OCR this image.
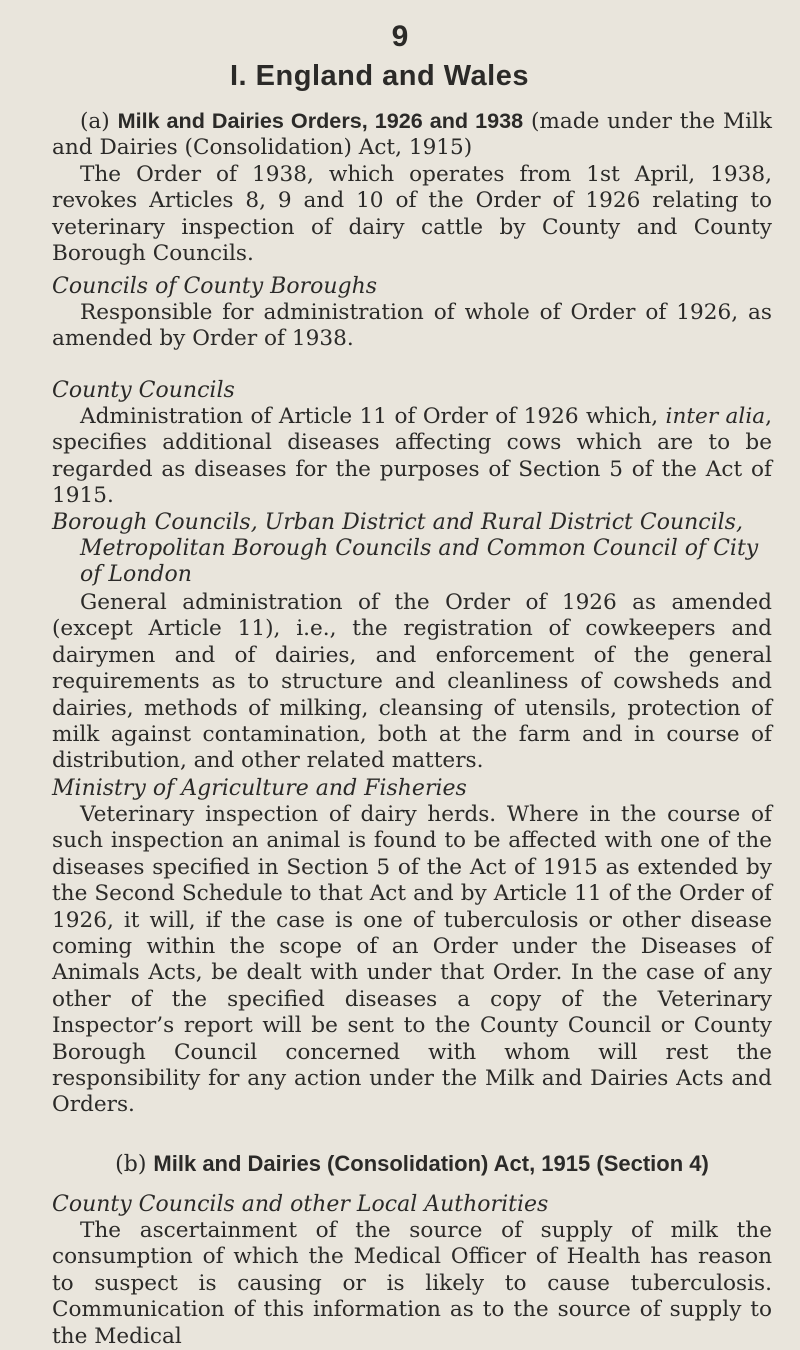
9
I. England and Wales

(a) Milk and Dairies Orders, 1926 and 1938 (made under the Milk and Dairies (Consolidation) Act, 1915)

The Order of 1938, which operates from 1st April, 1938, revokes Articles 8, 9 and 10 of the Order of 1926 relating to veterinary inspection of dairy cattle by County and County Borough Councils.

Councils of County Boroughs

Responsible for administration of whole of Order of 1926, as amended by Order of 1938.

County Councils

Administration of Article 11 of Order of 1926 which, inter alia, specifies additional diseases affecting cows which are to be regarded as diseases for the purposes of Section 5 of the Act of 1915.

Borough Councils, Urban District and Rural District Councils, Metropolitan Borough Councils and Common Council of City of London

General administration of the Order of 1926 as amended (except Article 11), i.e., the registration of cowkeepers and dairymen and of dairies, and enforcement of the general requirements as to structure and cleanliness of cowsheds and dairies, methods of milking, cleansing of utensils, protection of milk against contamination, both at the farm and in course of distribution, and other related matters.

Ministry of Agriculture and Fisheries

Veterinary inspection of dairy herds. Where in the course of such inspection an animal is found to be affected with one of the diseases specified in Section 5 of the Act of 1915 as extended by the Second Schedule to that Act and by Article 11 of the Order of 1926, it will, if the case is one of tuberculosis or other disease coming within the scope of an Order under the Diseases of Animals Acts, be dealt with under that Order. In the case of any other of the specified diseases a copy of the Veterinary Inspector’s report will be sent to the County Council or County Borough Council concerned with whom will rest the responsibility for any action under the Milk and Dairies Acts and Orders.

(b) Milk and Dairies (Consolidation) Act, 1915 (Section 4)

County Councils and other Local Authorities

The ascertainment of the source of supply of milk the consumption of which the Medical Officer of Health has reason to suspect is causing or is likely to cause tuberculosis. Communication of this information as to the source of supply to the Medical
